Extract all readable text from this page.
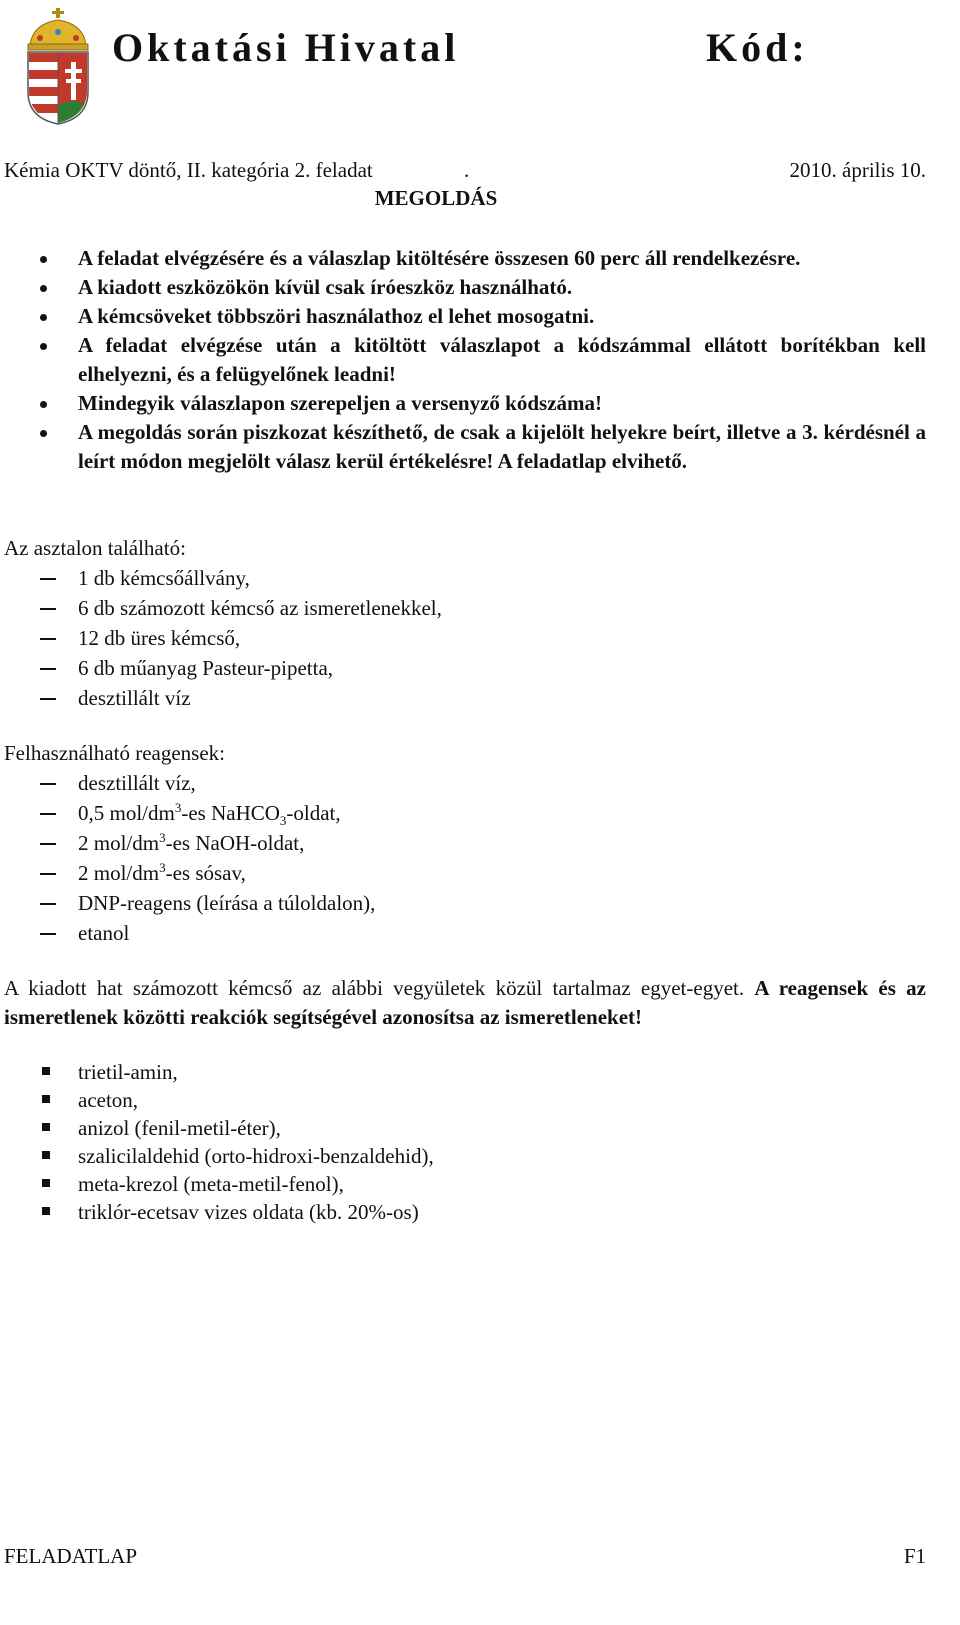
Oktatási Hivatal	Kód:
Kémia OKTV döntő, II. kategória 2. feladat	.	2010. április 10.
MEGOLDÁS
A feladat elvégzésére és a válaszlap kitöltésére összesen 60 perc áll rendelkezésre.
A kiadott eszközökön kívül csak íróeszköz használható.
A kémcsöveket többszöri használathoz el lehet mosogatni.
A feladat elvégzése után a kitöltött válaszlapot a kódszámmal ellátott borítékban kell elhelyezni, és a felügyelőnek leadni!
Mindegyik válaszlapon szerepeljen a versenyző kódszáma!
A megoldás során piszkozat készíthető, de csak a kijelölt helyekre beírt, illetve a 3. kérdésnél a leírt módon megjelölt válasz kerül értékelésre! A feladatlap elvihető.
Az asztalon található:
1 db kémcsőállvány,
6 db számozott kémcső az ismeretlenekkel,
12 db üres kémcső,
6 db műanyag Pasteur-pipetta,
desztillált víz
Felhasználható reagensek:
desztillált víz,
0,5 mol/$dm^3-es$ NaHCO$_3$-oldat,
2 mol/$dm^3-es$ NaOH-oldat,
2 mol/$dm^3-es$ sósav,
DNP-reagens (leírása a túloldalon),
etanol
A kiadott hat számozott kémcső az alábbi vegyületek közül tartalmaz egyet-egyet. A reagensek és az ismeretlenek közötti reakciók segítségével azonosítsa az ismeretleneket!
trietil-amin,
aceton,
anizol (fenil-metil-éter),
szalicilaldehid (orto-hidroxi-benzaldehid),
meta-krezol (meta-metil-fenol),
triklór-ecetsav vizes oldata (kb. 20%-os)
FELADATLAP	F1
